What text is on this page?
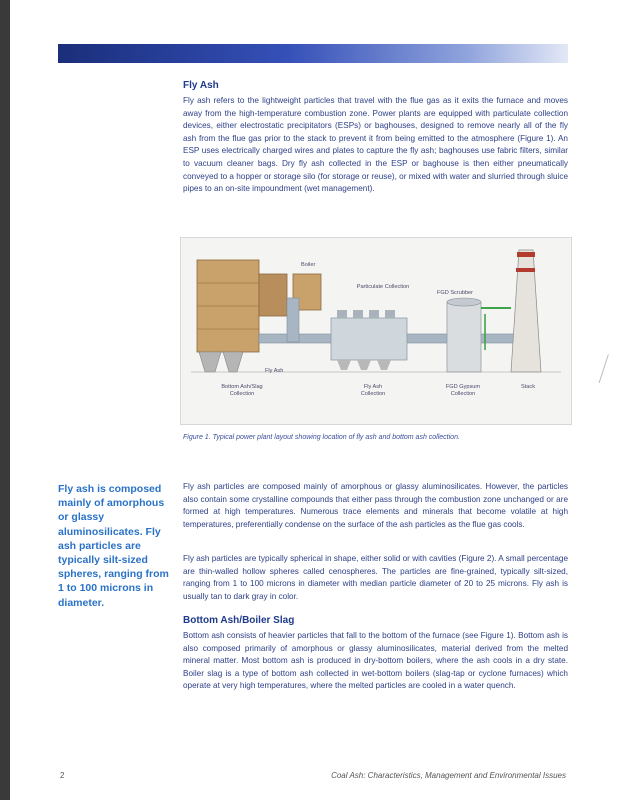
Fly Ash

Fly ash refers to the lightweight particles that travel with the flue gas as it exits the furnace and moves away from the high-temperature combustion zone. Power plants are equipped with particulate collection devices, either electrostatic precipitators (ESPs) or baghouses, designed to remove nearly all of the fly ash from the flue gas prior to the stack to prevent it from being emitted to the atmosphere (Figure 1). An ESP uses electrically charged wires and plates to capture the fly ash; baghouses use fabric filters, similar to vacuum cleaner bags. Dry fly ash collected in the ESP or baghouse is then either pneumatically conveyed to a hopper or storage silo (for storage or reuse), or mixed with water and slurried through sluice pipes to an on-site impoundment (wet management).

Boiler
Particulate Collection
FGD Scrubber
Fly Ash
Bottom Ash/Slag Collection
Fly Ash Collection
FGD Gypsum Collection
Stack

Figure 1. Typical power plant layout showing location of fly ash and bottom ash collection.

Fly ash is composed mainly of amorphous or glassy aluminosilicates. Fly ash particles are typically silt-sized spheres, ranging from 1 to 100 microns in diameter.

Fly ash particles are composed mainly of amorphous or glassy aluminosilicates. However, the particles also contain some crystalline compounds that either pass through the combustion zone unchanged or are formed at high temperatures. Numerous trace elements and minerals that become volatile at high temperatures, preferentially condense on the surface of the ash particles as the flue gas cools.

Fly ash particles are typically spherical in shape, either solid or with cavities (Figure 2). A small percentage are thin-walled hollow spheres called cenospheres. The particles are fine-grained, typically silt-sized, ranging from 1 to 100 microns in diameter with median particle diameter of 20 to 25 microns. Fly ash is usually tan to dark gray in color.

Bottom Ash/Boiler Slag

Bottom ash consists of heavier particles that fall to the bottom of the furnace (see Figure 1). Bottom ash is also composed primarily of amorphous or glassy aluminosilicates, material derived from the melted mineral matter. Most bottom ash is produced in dry-bottom boilers, where the ash cools in a dry state. Boiler slag is a type of bottom ash collected in wet-bottom boilers (slag-tap or cyclone furnaces) which operate at very high temperatures, where the melted particles are cooled in a water quench.

2	Coal Ash: Characteristics, Management and Environmental Issues
